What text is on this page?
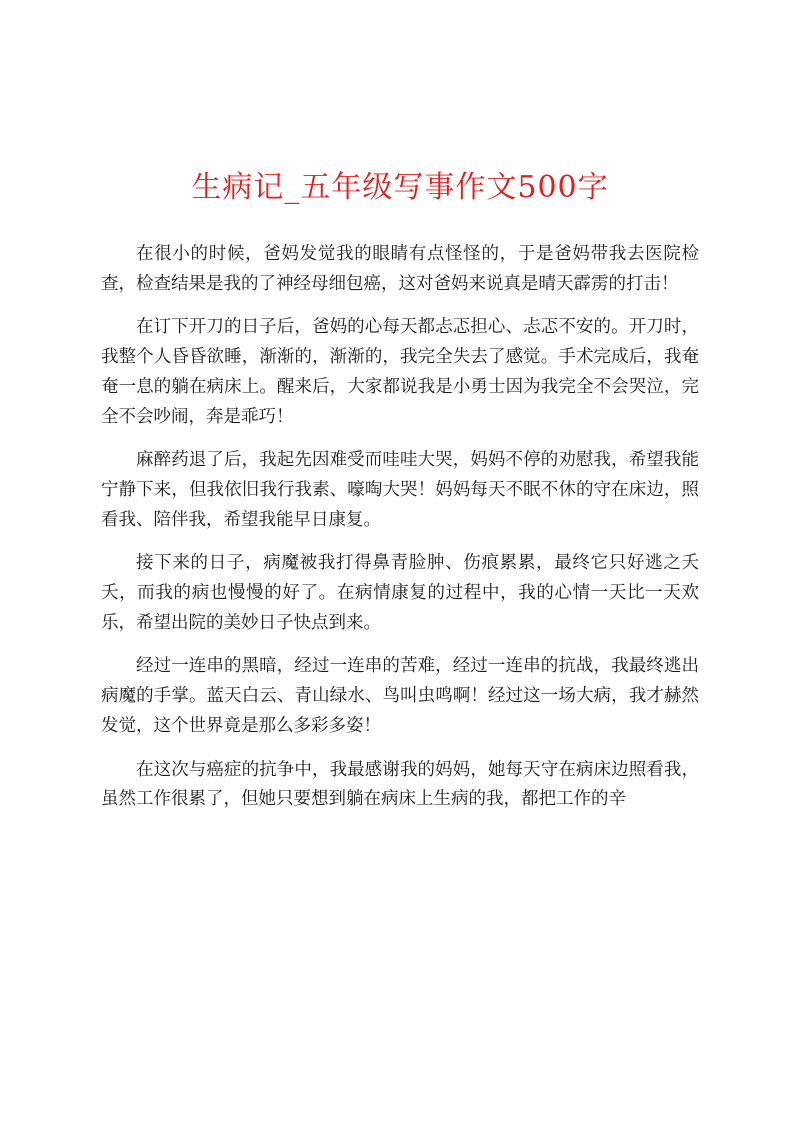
生病记_五年级写事作文500字

在很小的时候，爸妈发觉我的眼睛有点怪怪的，于是爸妈带我去医院检查，检查结果是我的了神经母细包癌，这对爸妈来说真是晴天霹雳的打击！

在订下开刀的日子后，爸妈的心每天都忐忑担心、忐忑不安的。开刀时，我整个人昏昏欲睡，渐渐的，渐渐的，我完全失去了感觉。手术完成后，我奄奄一息的躺在病床上。醒来后，大家都说我是小勇士因为我完全不会哭泣，完全不会吵闹，奔是乖巧！

麻醉药退了后，我起先因难受而哇哇大哭，妈妈不停的劝慰我，希望我能宁静下来，但我依旧我行我素、嚎啕大哭！妈妈每天不眠不休的守在床边，照看我、陪伴我，希望我能早日康复。

接下来的日子，病魔被我打得鼻青脸肿、伤痕累累，最终它只好逃之夭夭，而我的病也慢慢的好了。在病情康复的过程中，我的心情一天比一天欢乐，希望出院的美妙日子快点到来。

经过一连串的黑暗，经过一连串的苦难，经过一连串的抗战，我最终逃出病魔的手掌。蓝天白云、青山绿水、鸟叫虫鸣啊！经过这一场大病，我才赫然发觉，这个世界竟是那么多彩多姿！

在这次与癌症的抗争中，我最感谢我的妈妈，她每天守在病床边照看我，虽然工作很累了，但她只要想到躺在病床上生病的我，都把工作的辛
